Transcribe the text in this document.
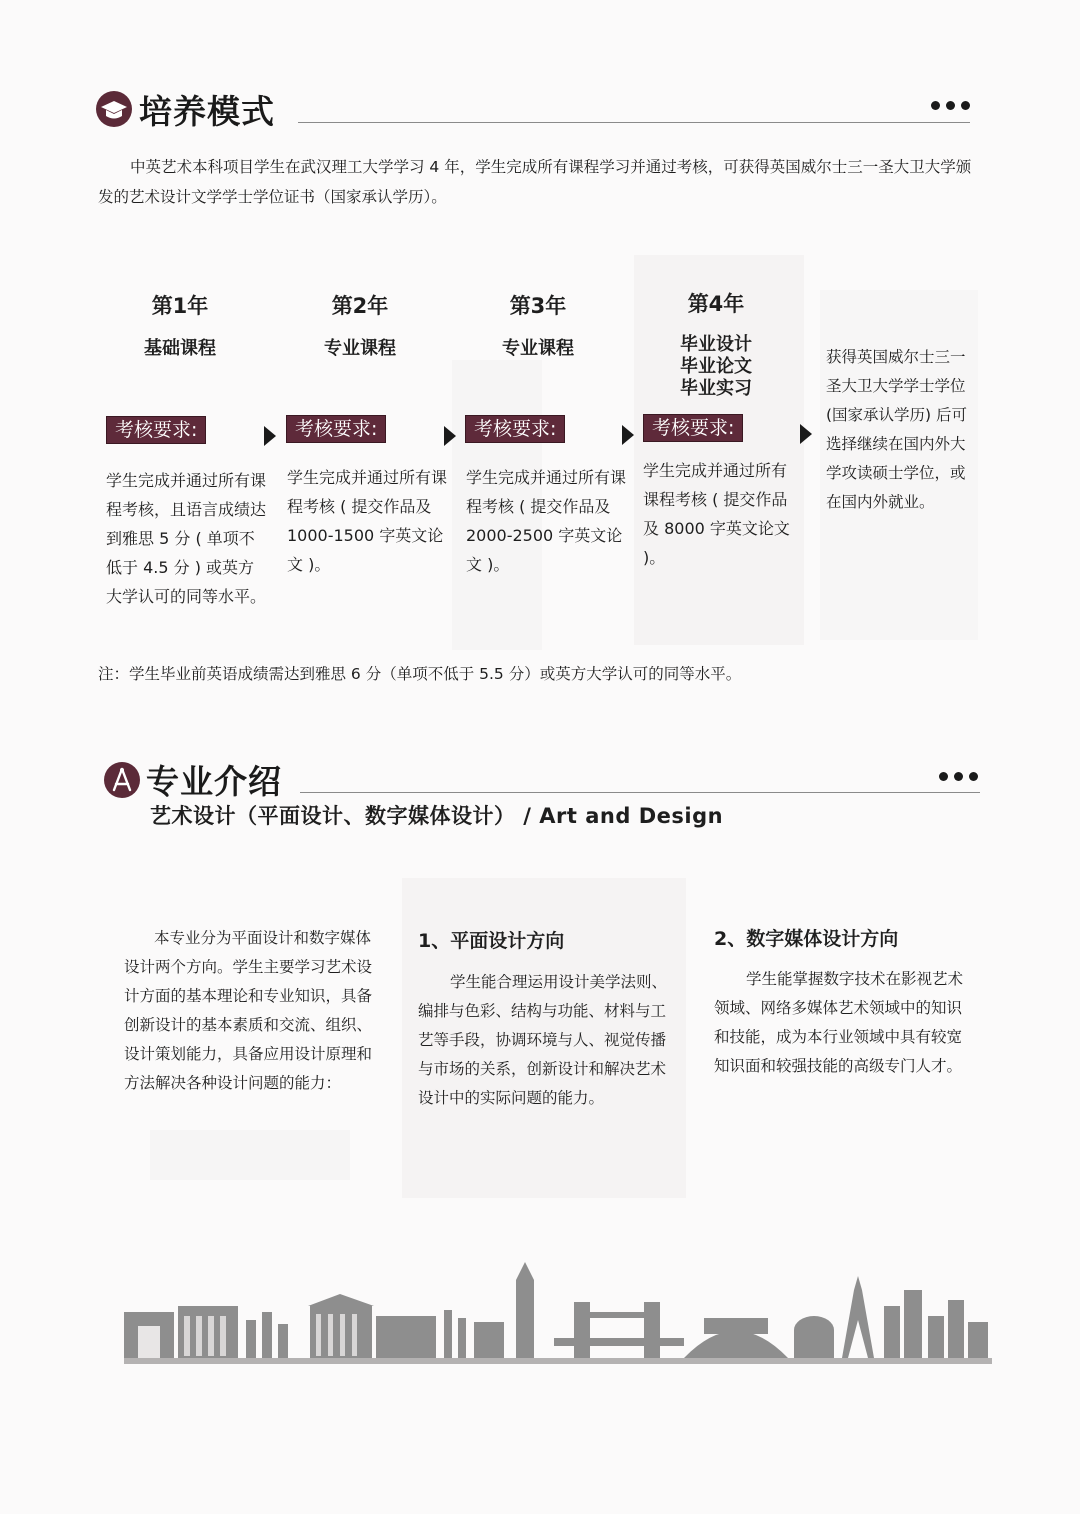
培养模式
中英艺术本科项目学生在武汉理工大学学习 4 年，学生完成所有课程学习并通过考核，可获得英国威尔士三一圣大卫大学颁发的艺术设计文学学士学位证书（国家承认学历）。
第1年
基础课程
考核要求:
学生完成并通过所有课程考核，且语言成绩达到雅思 5 分 ( 单项不低于 4.5 分 ) 或英方大学认可的同等水平。
第2年
专业课程
考核要求:
学生完成并通过所有课程考核 ( 提交作品及 1000-1500 字英文论文 )。
第3年
专业课程
考核要求:
学生完成并通过所有课程考核 ( 提交作品及 2000-2500 字英文论文 )。
第4年
毕业设计
毕业论文
毕业实习
考核要求:
学生完成并通过所有课程考核 ( 提交作品及 8000 字英文论文 )。
获得英国威尔士三一圣大卫大学学士学位 (国家承认学历) 后可选择继续在国内外大学攻读硕士学位，或在国内外就业。
注：学生毕业前英语成绩需达到雅思 6 分（单项不低于 5.5 分）或英方大学认可的同等水平。
专业介绍
艺术设计（平面设计、数字媒体设计） / Art and Design
本专业分为平面设计和数字媒体设计两个方向。学生主要学习艺术设计方面的基本理论和专业知识，具备创新设计的基本素质和交流、组织、设计策划能力，具备应用设计原理和方法解决各种设计问题的能力：
1、平面设计方向
学生能合理运用设计美学法则、编排与色彩、结构与功能、材料与工艺等手段，协调环境与人、视觉传播与市场的关系，创新设计和解决艺术设计中的实际问题的能力。
2、数字媒体设计方向
学生能掌握数字技术在影视艺术领域、网络多媒体艺术领域中的知识和技能，成为本行业领域中具有较宽知识面和较强技能的高级专门人才。
